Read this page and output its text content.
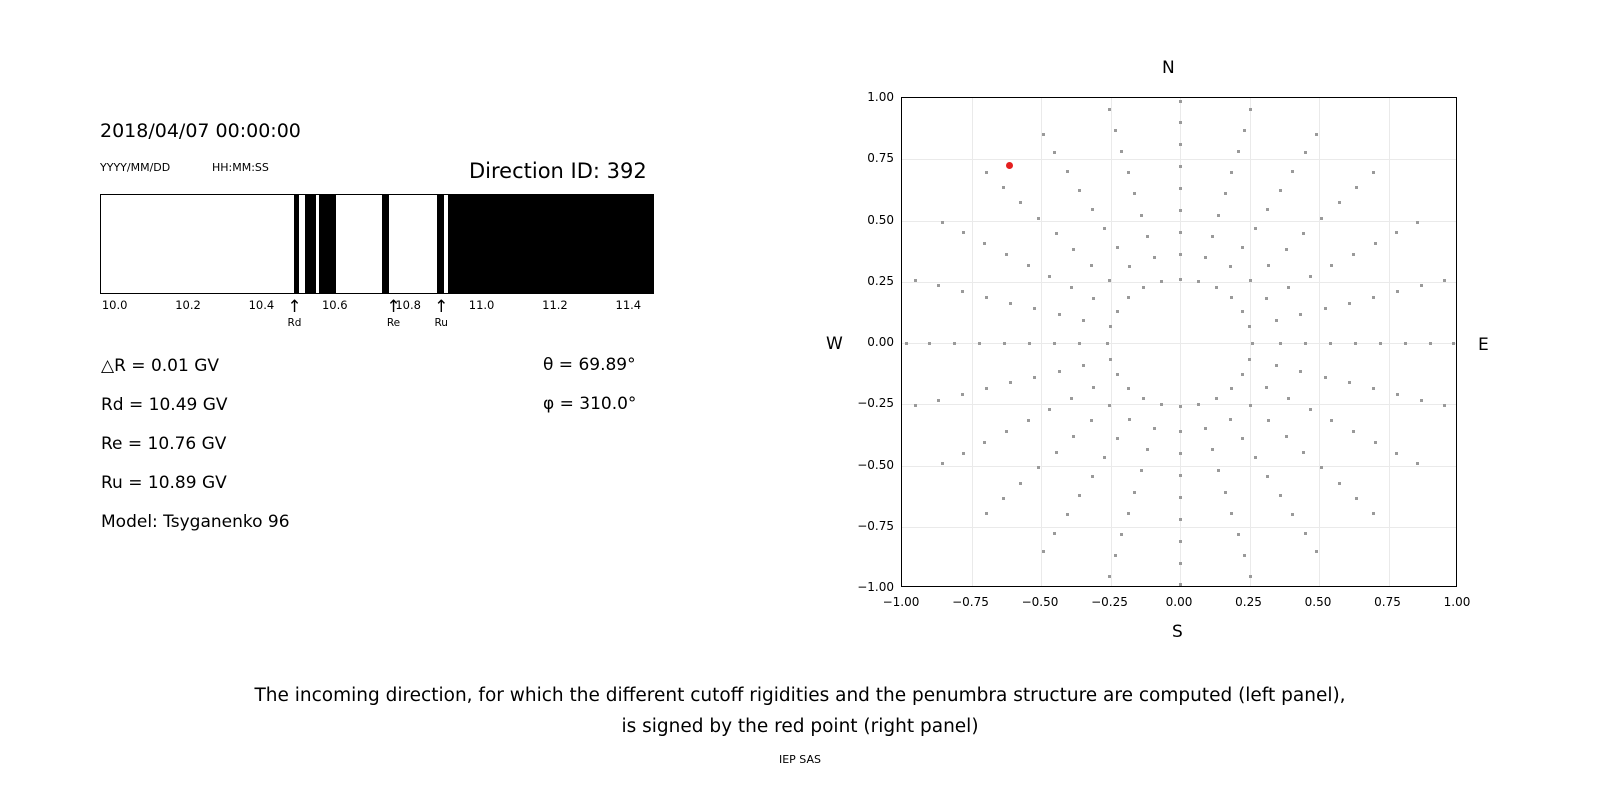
2018/04/07 00:00:00
YYYY/MM/DD	HH:MM:SS	Direction ID: 392
10.0	10.2	10.4	10.6	10.8	11.0	11.2	11.4
↑
Rd
↑
Re
↑
Ru
△R = 0.01 GV
Rd = 10.49 GV
Re = 10.76 GV
Ru = 10.89 GV
Model: Tsyganenko 96
θ = 69.89°
φ = 310.0°
N
S
E
W
−1.00
−0.75
−0.50
−0.25
0.00
0.25
0.50
0.75
1.00
−1.00	−0.75	−0.50	−0.25	0.00	0.25	0.50	0.75	1.00
The incoming direction, for which the different cutoff rigidities and the penumbra structure are computed (left panel),
is signed by the red point (right panel)
IEP SAS
